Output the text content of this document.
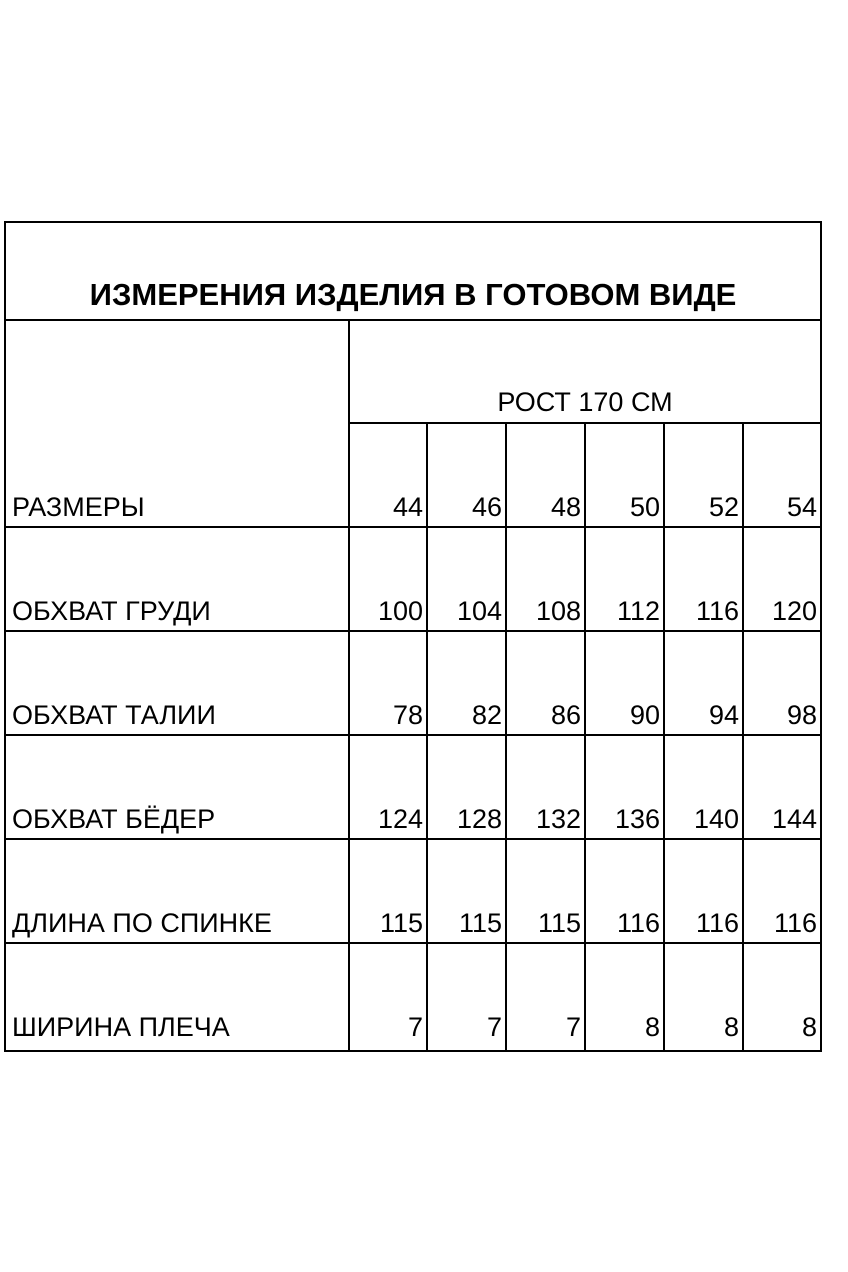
ИЗМЕРЕНИЯ ИЗДЕЛИЯ В ГОТОВОМ ВИДЕ
РОСТ 170 СМ
РАЗМЕРЫ	44	46	48	50	52	54
ОБХВАТ ГРУДИ	100	104	108	112	116	120
ОБХВАТ ТАЛИИ	78	82	86	90	94	98
ОБХВАТ БЁДЕР	124	128	132	136	140	144
ДЛИНА ПО СПИНКЕ	115	115	115	116	116	116
ШИРИНА ПЛЕЧА	7	7	7	8	8	8
